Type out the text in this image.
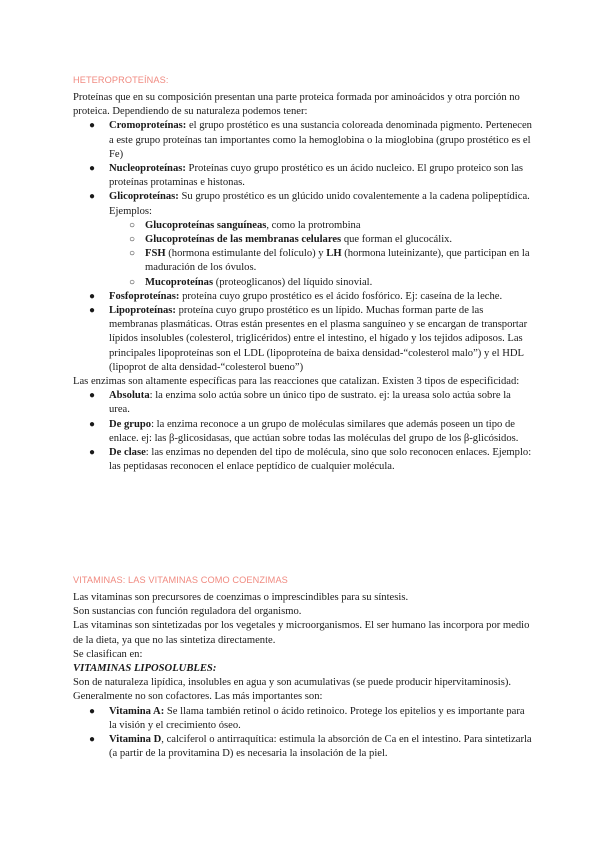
HETEROPROTEÍNAS:

Proteínas que en su composición presentan una parte proteica formada por aminoácidos y otra porción no proteica. Dependiendo de su naturaleza podemos tener:

● Cromoproteínas: el grupo prostético es una sustancia coloreada denominada pigmento. Pertenecen a este grupo proteínas tan importantes como la hemoglobina o la mioglobina (grupo prostético es el Fe)
● Nucleoproteínas: Proteínas cuyo grupo prostético es un ácido nucleico. El grupo proteico son las proteínas protaminas e histonas.
● Glicoproteínas: Su grupo prostético es un glúcido unido covalentemente a la cadena polipeptídica. Ejemplos:
○ Glucoproteínas sanguíneas, como la protrombina
○ Glucoproteínas de las membranas celulares que forman el glucocálix.
○ FSH (hormona estimulante del folículo) y LH (hormona luteinizante), que participan en la maduración de los óvulos.
○ Mucoproteínas (proteoglicanos) del líquido sinovial.
● Fosfoproteínas: proteína cuyo grupo prostético es el ácido fosfórico. Ej: caseína de la leche.
● Lipoproteínas: proteína cuyo grupo prostético es un lípido. Muchas forman parte de las membranas plasmáticas. Otras están presentes en el plasma sanguíneo y se encargan de transportar lípidos insolubles (colesterol, triglicéridos) entre el intestino, el hígado y los tejidos adiposos. Las principales lipoproteínas son el LDL (lipoproteína de baixa densidad-“colesterol malo”) y el HDL (lipoprot de alta densidad-“colesterol bueno”)

Las enzimas son altamente específicas para las reacciones que catalizan. Existen 3 tipos de especificidad:

● Absoluta: la enzima solo actúa sobre un único tipo de sustrato. ej: la ureasa solo actúa sobre la urea.
● De grupo: la enzima reconoce a un grupo de moléculas similares que además poseen un tipo de enlace. ej: las β-glicosidasas, que actúan sobre todas las moléculas del grupo de los β-glicósidos.
● De clase: las enzimas no dependen del tipo de molécula, sino que solo reconocen enlaces. Ejemplo: las peptidasas reconocen el enlace peptídico de cualquier molécula.
VITAMINAS: LAS VITAMINAS COMO COENZIMAS

Las vitaminas son precursores de coenzimas o imprescindibles para su síntesis.

Son sustancias con función reguladora del organismo.

Las vitaminas son sintetizadas por los vegetales y microorganismos. El ser humano las incorpora por medio de la dieta, ya que no las sintetiza directamente.

Se clasifican en:

VITAMINAS LIPOSOLUBLES:

Son de naturaleza lipídica, insolubles en agua y son acumulativas (se puede producir hipervitaminosis). Generalmente no son cofactores. Las más importantes son:

● Vitamina A: Se llama también retinol o ácido retinoico. Protege los epitelios y es importante para la visión y el crecimiento óseo.
● Vitamina D, calciferol o antirraquítica: estimula la absorción de Ca en el intestino. Para sintetizarla (a partir de la provitamina D) es necesaria la insolación de la piel.
